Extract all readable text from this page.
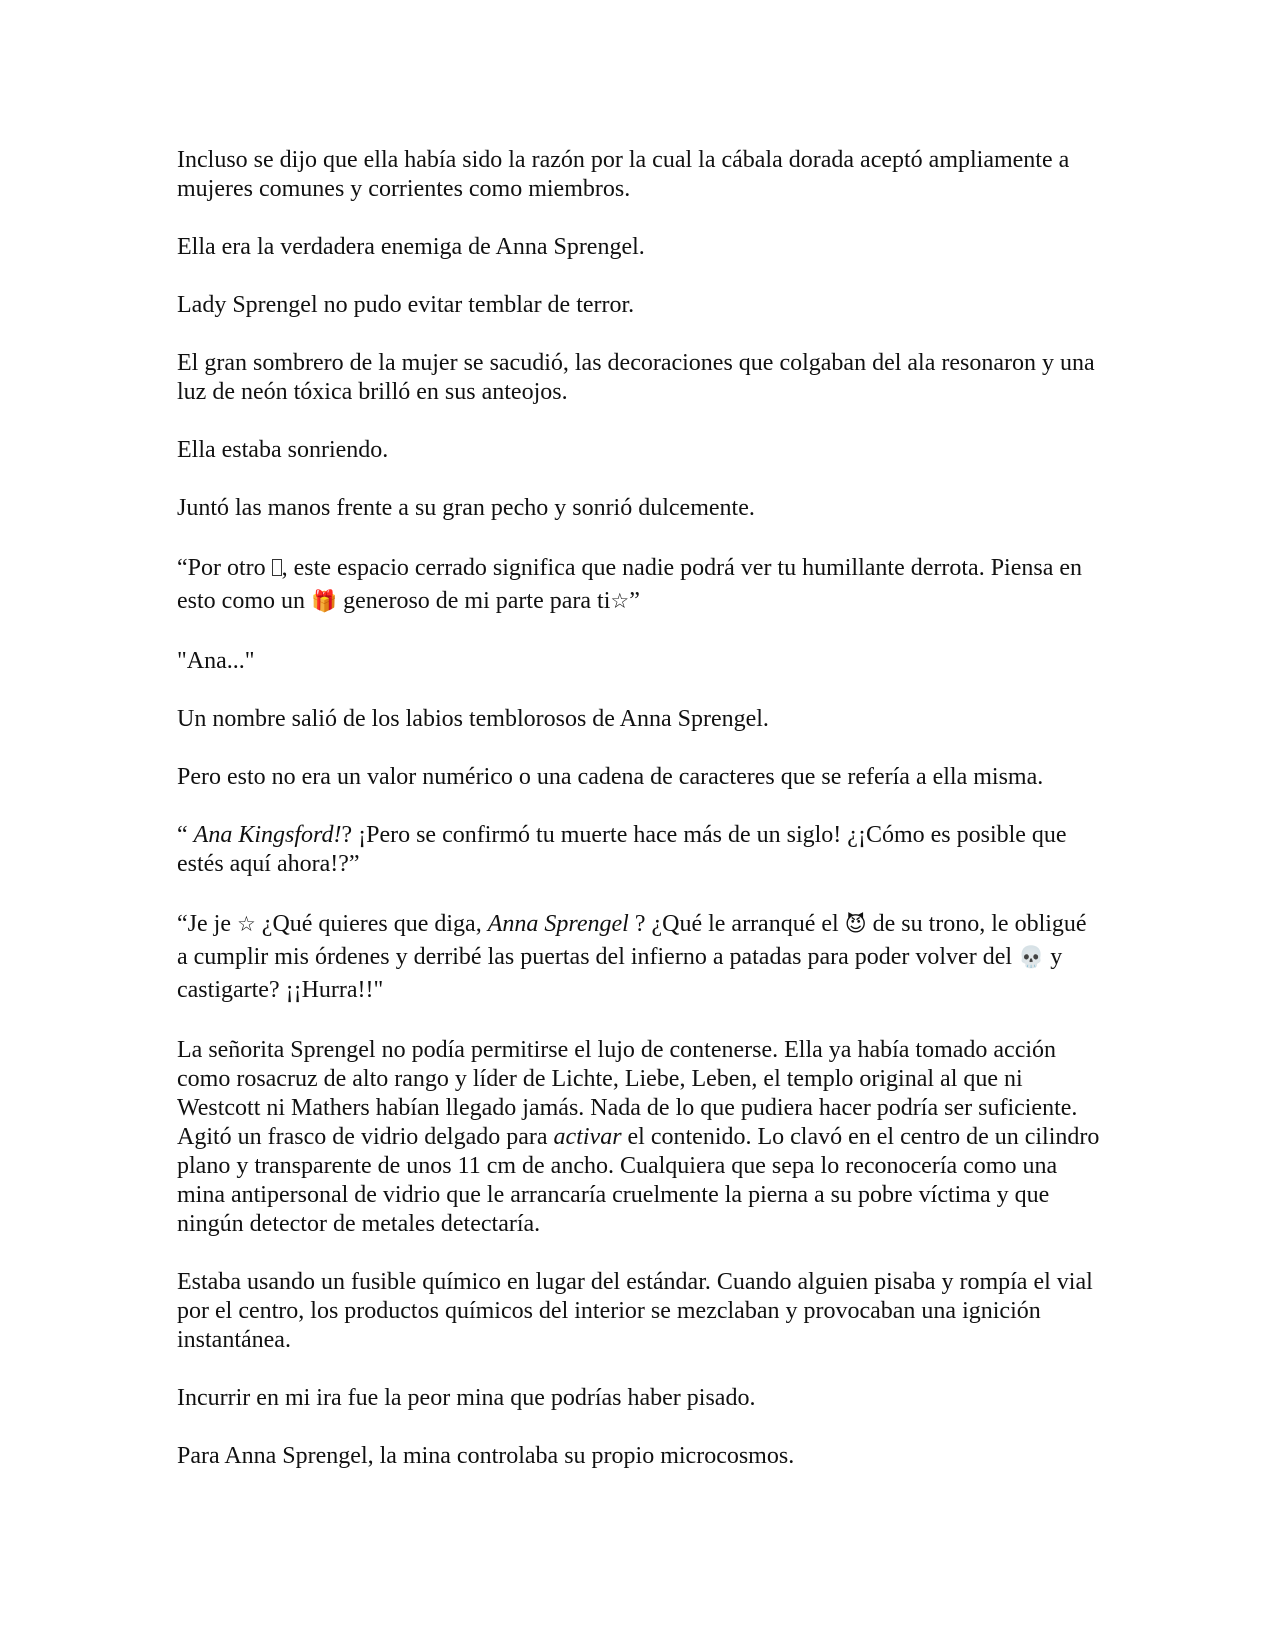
Incluso se dijo que ella había sido la razón por la cual la cábala dorada aceptó ampliamente a mujeres comunes y corrientes como miembros.

Ella era la verdadera enemiga de Anna Sprengel.

Lady Sprengel no pudo evitar temblar de terror.

El gran sombrero de la mujer se sacudió, las decoraciones que colgaban del ala resonaron y una luz de neón tóxica brilló en sus anteojos.

Ella estaba sonriendo.

Juntó las manos frente a su gran pecho y sonrió dulcemente.

“Por otro , este espacio cerrado significa que nadie podrá ver tu humillante derrota. Piensa en esto como un 🎁 generoso de mi parte para ti☆”

"Ana..."

Un nombre salió de los labios temblorosos de Anna Sprengel.

Pero esto no era un valor numérico o una cadena de caracteres que se refería a ella misma.

“ Ana Kingsford!? ¡Pero se confirmó tu muerte hace más de un siglo! ¿¡Cómo es posible que estés aquí ahora!?”

“Je je ☆ ¿Qué quieres que diga, Anna Sprengel ? ¿Qué le arranqué el 😈 de su trono, le obligué a cumplir mis órdenes y derribé las puertas del infierno a patadas para poder volver del 💀 y castigarte? ¡¡Hurra!!"

La señorita Sprengel no podía permitirse el lujo de contenerse. Ella ya había tomado acción como rosacruz de alto rango y líder de Lichte, Liebe, Leben, el templo original al que ni Westcott ni Mathers habían llegado jamás. Nada de lo que pudiera hacer podría ser suficiente. Agitó un frasco de vidrio delgado para activar el contenido. Lo clavó en el centro de un cilindro plano y transparente de unos 11 cm de ancho. Cualquiera que sepa lo reconocería como una mina antipersonal de vidrio que le arrancaría cruelmente la pierna a su pobre víctima y que ningún detector de metales detectaría.

Estaba usando un fusible químico en lugar del estándar. Cuando alguien pisaba y rompía el vial por el centro, los productos químicos del interior se mezclaban y provocaban una ignición instantánea.

Incurrir en mi ira fue la peor mina que podrías haber pisado.

Para Anna Sprengel, la mina controlaba su propio microcosmos.
